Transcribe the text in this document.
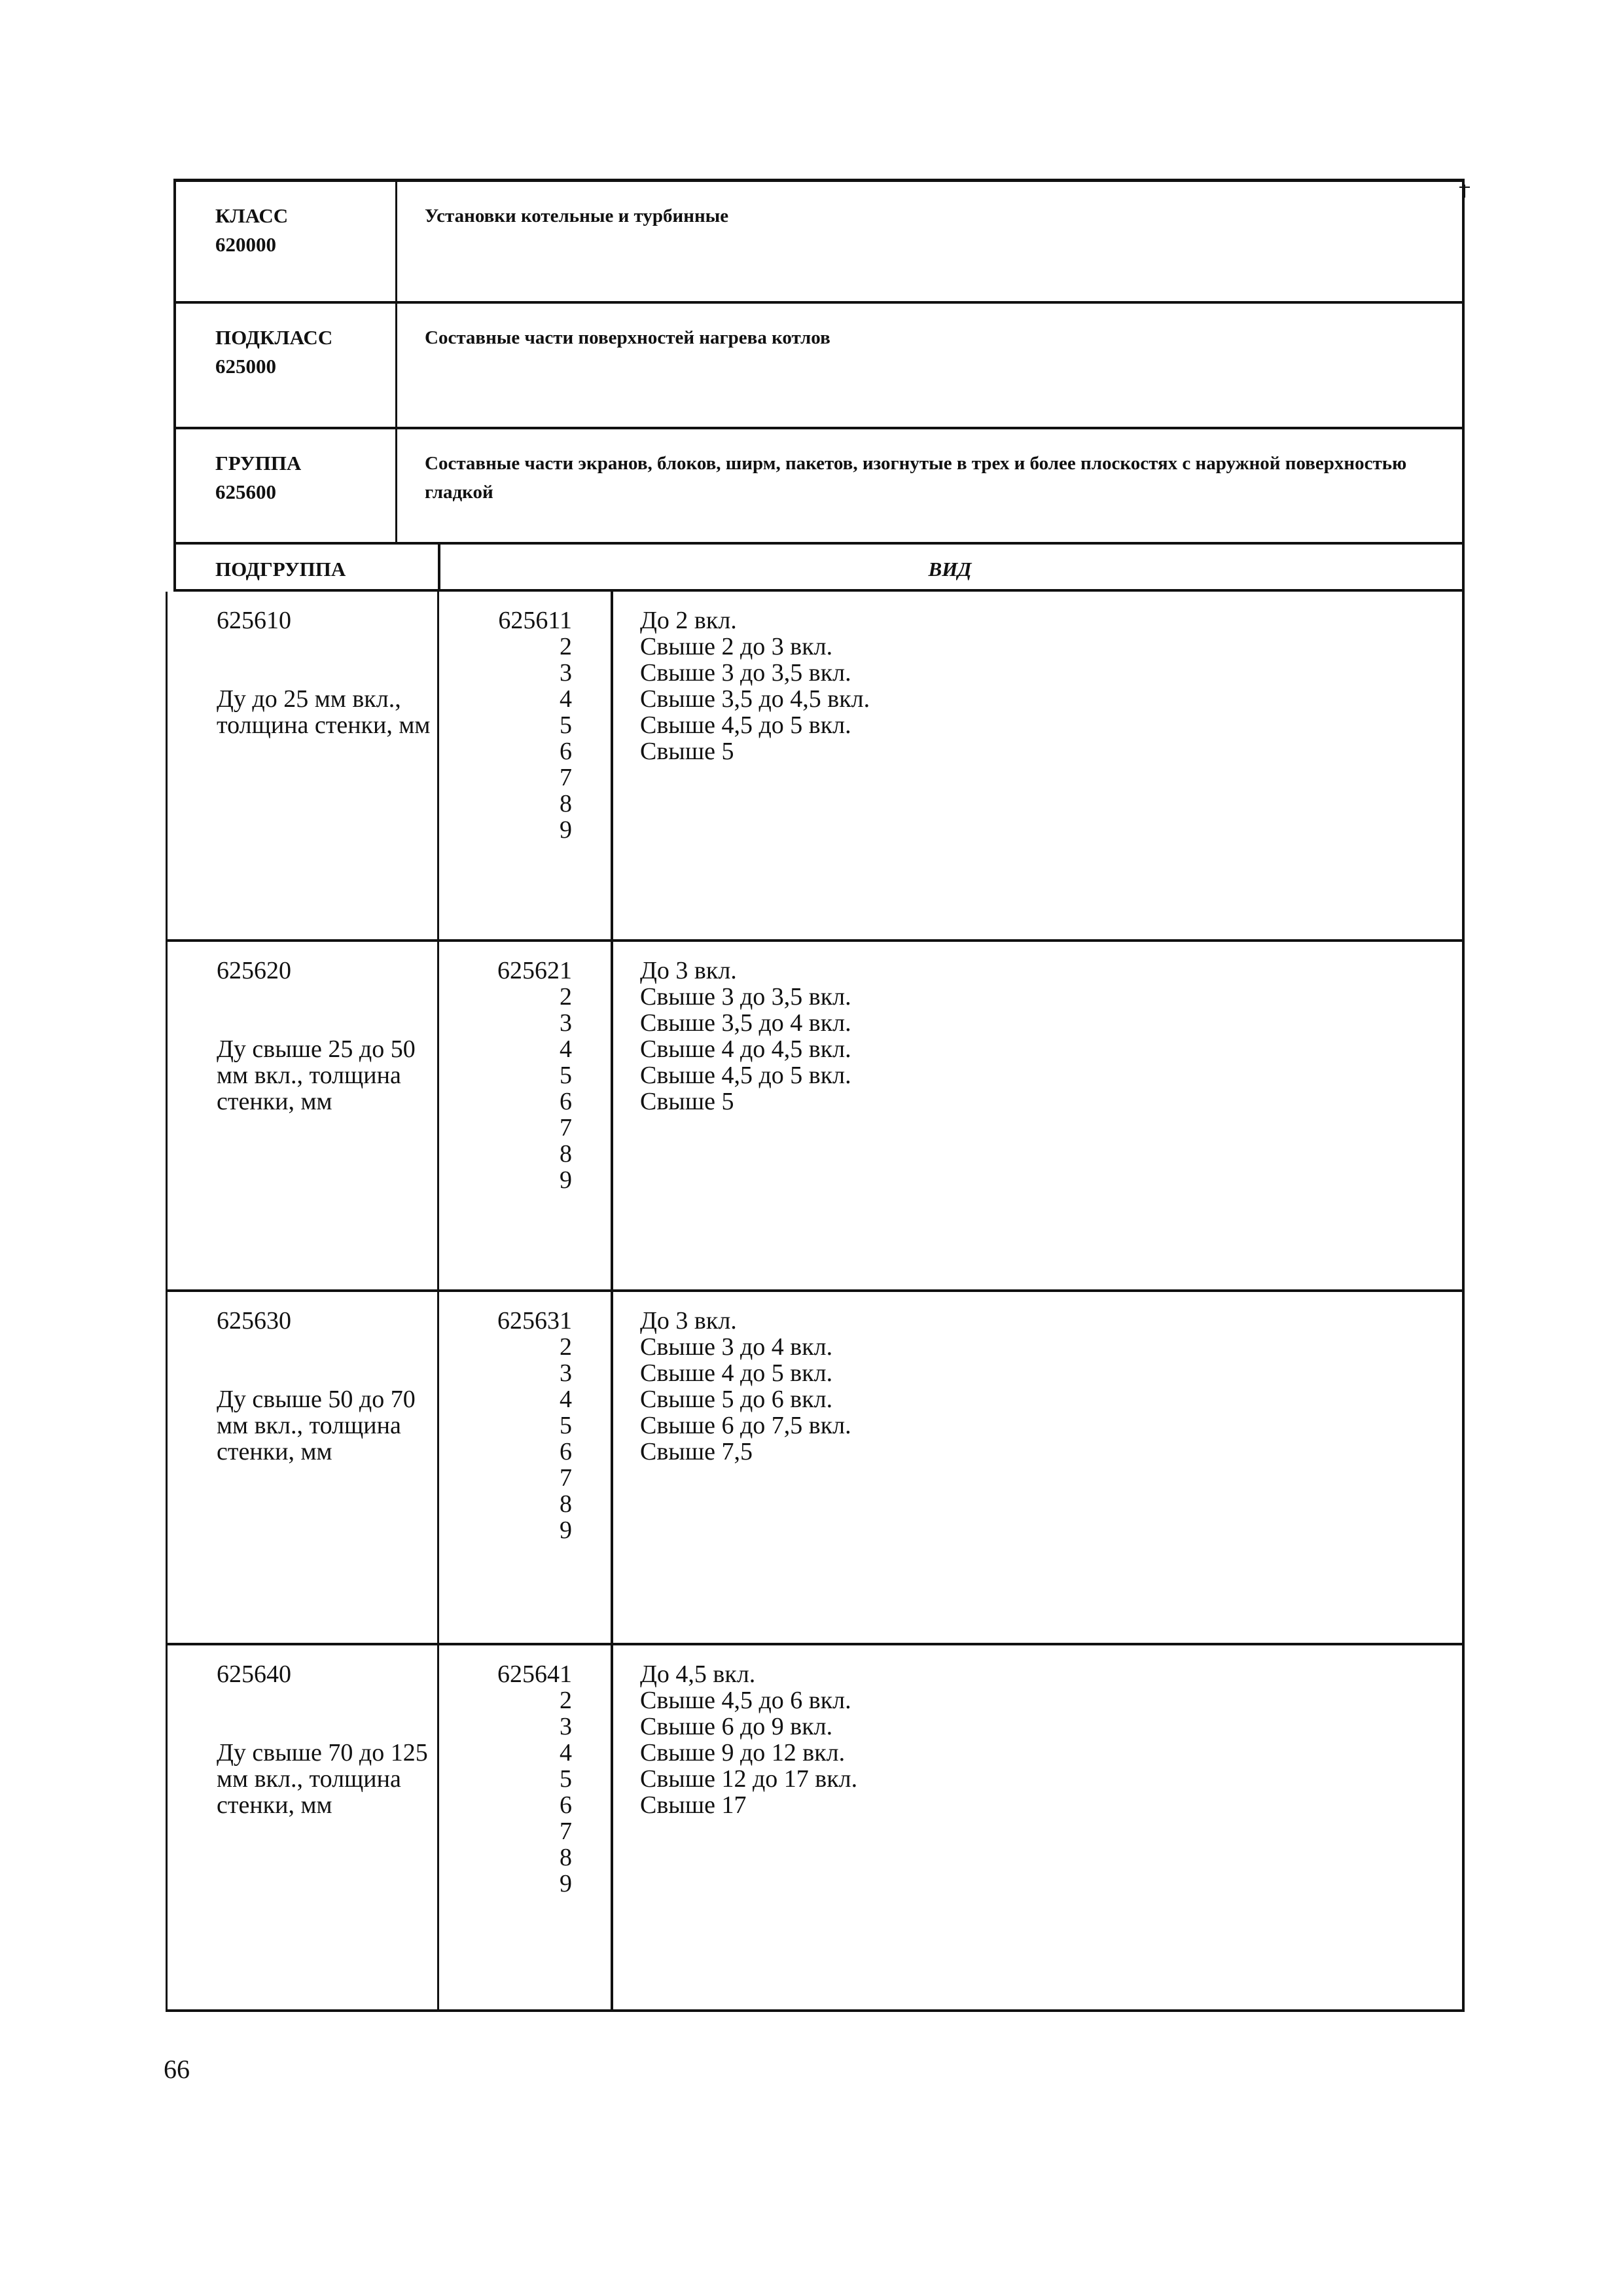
КЛАСС
620000
Установки котельные и турбинные
ПОДКЛАСС
625000
Составные части поверхностей нагрева котлов
ГРУППА
625600
Составные части экранов, блоков, ширм, пакетов, изогнутые в трех и более плоскостях с наружной поверхностью гладкой
ПОДГРУППА	ВИД
625610
Ду до 25 мм вкл., толщина стенки, мм
625611
2
3
4
5
6
7
8
9
До 2 вкл.
Свыше 2 до 3 вкл.
Свыше 3 до 3,5 вкл.
Свыше 3,5 до 4,5 вкл.
Свыше 4,5 до 5 вкл.
Свыше 5
625620
Ду свыше 25 до 50 мм вкл., толщина стенки, мм
625621
2
3
4
5
6
7
8
9
До 3 вкл.
Свыше 3 до 3,5 вкл.
Свыше 3,5 до 4 вкл.
Свыше 4 до 4,5 вкл.
Свыше 4,5 до 5 вкл.
Свыше 5
625630
Ду свыше 50 до 70 мм вкл., толщина стенки, мм
625631
2
3
4
5
6
7
8
9
До 3 вкл.
Свыше 3 до 4 вкл.
Свыше 4 до 5 вкл.
Свыше 5 до 6 вкл.
Свыше 6 до 7,5 вкл.
Свыше 7,5
625640
Ду свыше 70 до 125 мм вкл., толщина стенки, мм
625641
2
3
4
5
6
7
8
9
До 4,5 вкл.
Свыше 4,5 до 6 вкл.
Свыше 6 до 9 вкл.
Свыше 9 до 12 вкл.
Свыше 12 до 17 вкл.
Свыше 17
66
